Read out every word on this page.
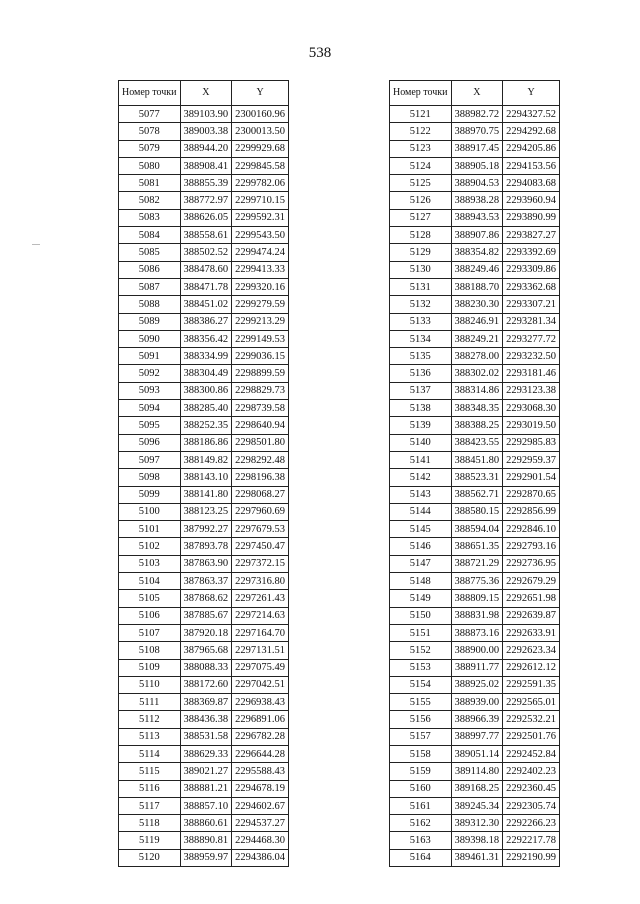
538
Номер точки	X	Y
5077	389103.90	2300160.96
5078	389003.38	2300013.50
5079	388944.20	2299929.68
5080	388908.41	2299845.58
5081	388855.39	2299782.06
5082	388772.97	2299710.15
5083	388626.05	2299592.31
5084	388558.61	2299543.50
5085	388502.52	2299474.24
5086	388478.60	2299413.33
5087	388471.78	2299320.16
5088	388451.02	2299279.59
5089	388386.27	2299213.29
5090	388356.42	2299149.53
5091	388334.99	2299036.15
5092	388304.49	2298899.59
5093	388300.86	2298829.73
5094	388285.40	2298739.58
5095	388252.35	2298640.94
5096	388186.86	2298501.80
5097	388149.82	2298292.48
5098	388143.10	2298196.38
5099	388141.80	2298068.27
5100	388123.25	2297960.69
5101	387992.27	2297679.53
5102	387893.78	2297450.47
5103	387863.90	2297372.15
5104	387863.37	2297316.80
5105	387868.62	2297261.43
5106	387885.67	2297214.63
5107	387920.18	2297164.70
5108	387965.68	2297131.51
5109	388088.33	2297075.49
5110	388172.60	2297042.51
5111	388369.87	2296938.43
5112	388436.38	2296891.06
5113	388531.58	2296782.28
5114	388629.33	2296644.28
5115	389021.27	2295588.43
5116	388881.21	2294678.19
5117	388857.10	2294602.67
5118	388860.61	2294537.27
5119	388890.81	2294468.30
5120	388959.97	2294386.04
Номер точки	X	Y
5121	388982.72	2294327.52
5122	388970.75	2294292.68
5123	388917.45	2294205.86
5124	388905.18	2294153.56
5125	388904.53	2294083.68
5126	388938.28	2293960.94
5127	388943.53	2293890.99
5128	388907.86	2293827.27
5129	388354.82	2293392.69
5130	388249.46	2293309.86
5131	388188.70	2293362.68
5132	388230.30	2293307.21
5133	388246.91	2293281.34
5134	388249.21	2293277.72
5135	388278.00	2293232.50
5136	388302.02	2293181.46
5137	388314.86	2293123.38
5138	388348.35	2293068.30
5139	388388.25	2293019.50
5140	388423.55	2292985.83
5141	388451.80	2292959.37
5142	388523.31	2292901.54
5143	388562.71	2292870.65
5144	388580.15	2292856.99
5145	388594.04	2292846.10
5146	388651.35	2292793.16
5147	388721.29	2292736.95
5148	388775.36	2292679.29
5149	388809.15	2292651.98
5150	388831.98	2292639.87
5151	388873.16	2292633.91
5152	388900.00	2292623.34
5153	388911.77	2292612.12
5154	388925.02	2292591.35
5155	388939.00	2292565.01
5156	388966.39	2292532.21
5157	388997.77	2292501.76
5158	389051.14	2292452.84
5159	389114.80	2292402.23
5160	389168.25	2292360.45
5161	389245.34	2292305.74
5162	389312.30	2292266.23
5163	389398.18	2292217.78
5164	389461.31	2292190.99
